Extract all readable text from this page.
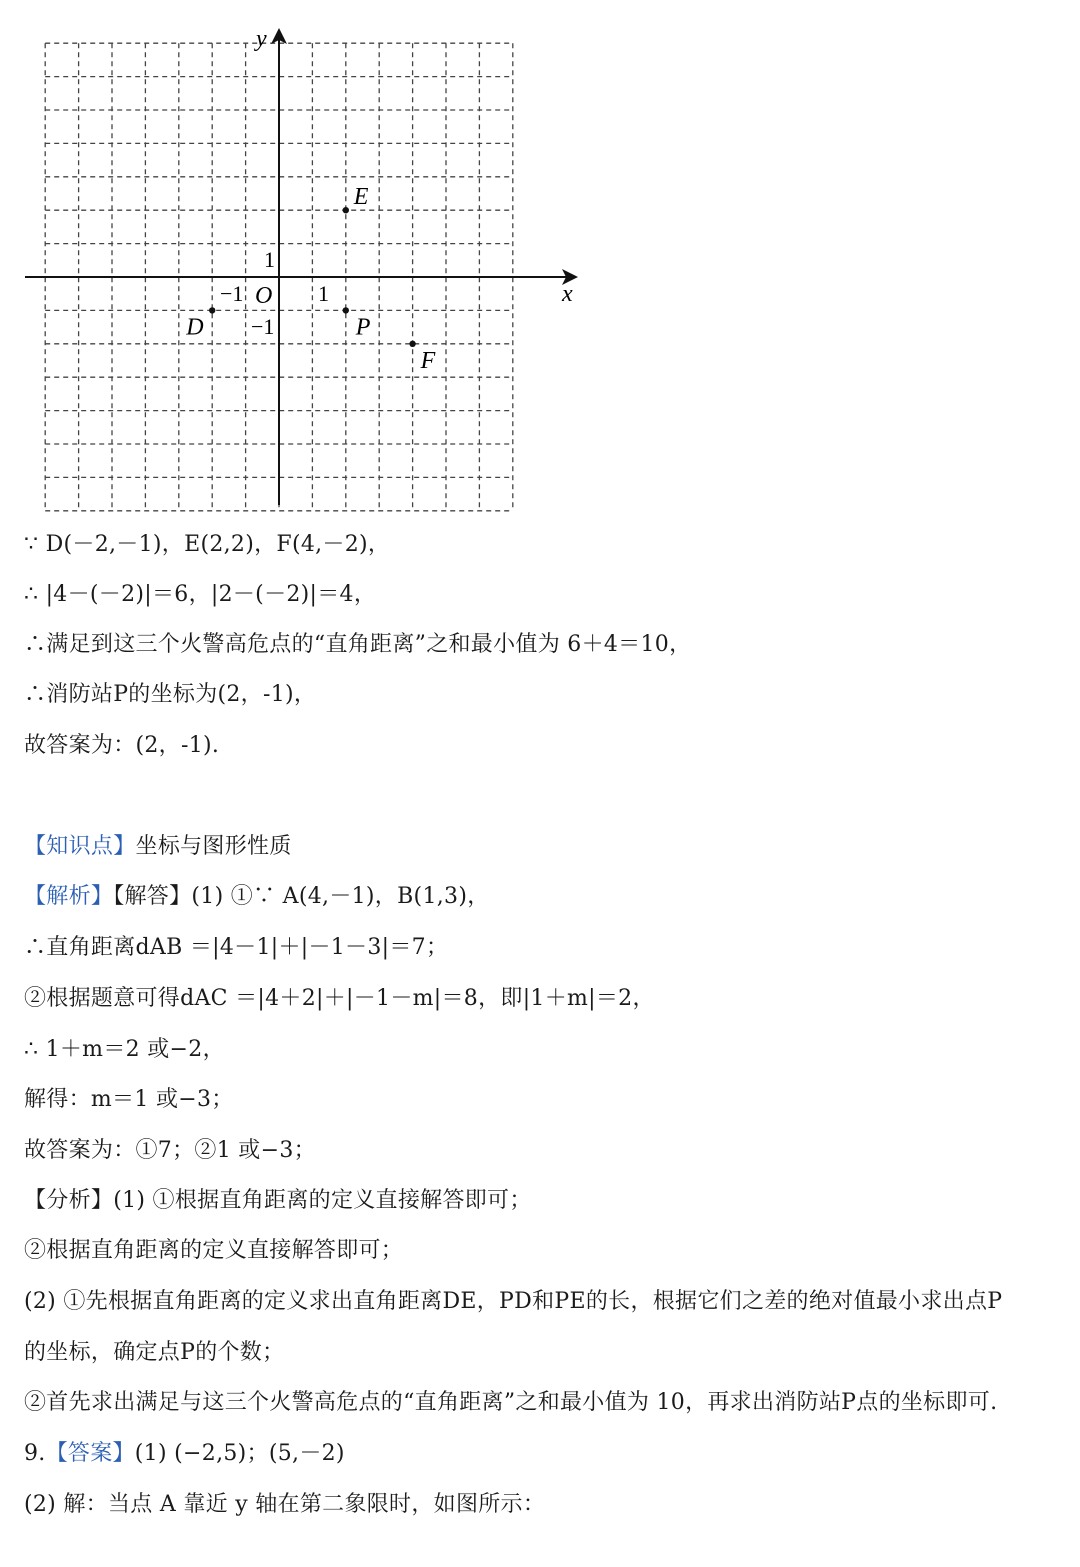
x
y
O 1
−1
1
−1
E
D	P
F
∵ D(－2,－1)，E(2,2)，F(4,－2)，
∴ |4－(－2)|＝6，|2－(－2)|＝4，
∴满足到这三个火警高危点的“直角距离”之和最小值为 6＋4＝10，
∴消防站P的坐标为(2，-1)，
故答案为：(2，-1).
【知识点】坐标与图形性质
【解析】【解答】(1) ①∵ A(4,－1)，B(1,3)，
∴直角距离dAB ＝|4－1|＋|－1－3|＝7；
②根据题意可得dAC ＝|4＋2|＋|－1－m|＝8，即|1＋m|＝2，
∴ 1＋m＝2 或−2，
解得：m＝1 或−3；
故答案为：①7；②1 或−3；
【分析】(1) ①根据直角距离的定义直接解答即可；
②根据直角距离的定义直接解答即可；
(2) ①先根据直角距离的定义求出直角距离DE，PD和PE的长，根据它们之差的绝对值最小求出点P
的坐标，确定点P的个数；
②首先求出满足与这三个火警高危点的“直角距离”之和最小值为 10，再求出消防站P点的坐标即可.
9.【答案】(1) (−2,5)；(5,－2)
(2) 解：当点 A 靠近 y 轴在第二象限时，如图所示：
